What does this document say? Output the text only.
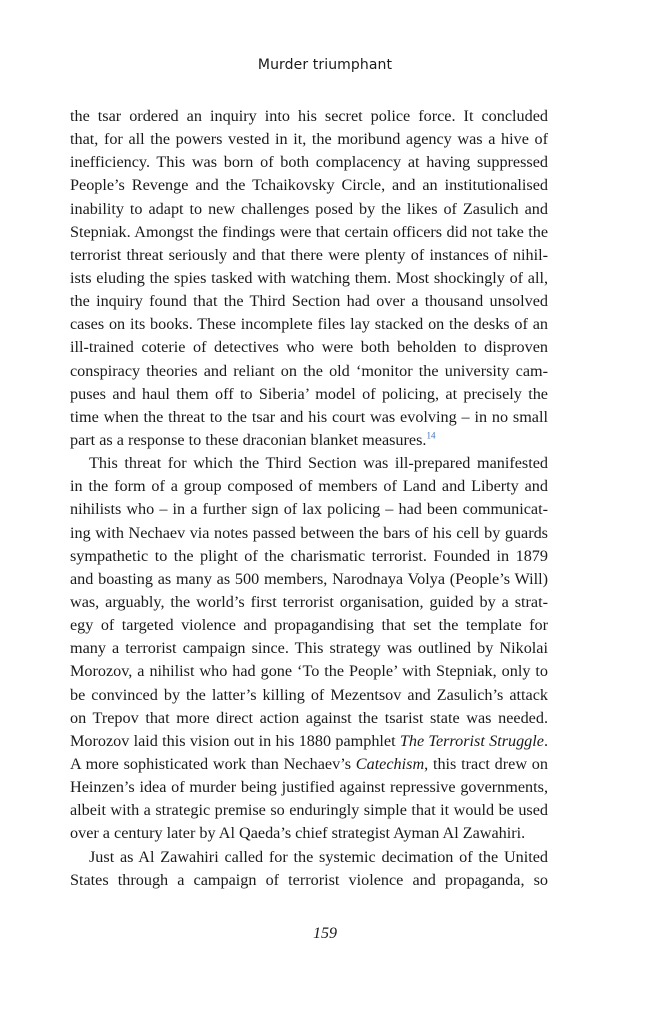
Murder triumphant
the tsar ordered an inquiry into his secret police force. It concluded
that, for all the powers vested in it, the moribund agency was a hive of
inefficiency. This was born of both complacency at having suppressed
People’s Revenge and the Tchaikovsky Circle, and an institutionalised
inability to adapt to new challenges posed by the likes of Zasulich and
Stepniak. Amongst the findings were that certain officers did not take the
terrorist threat seriously and that there were plenty of instances of nihil-
ists eluding the spies tasked with watching them. Most shockingly of all,
the inquiry found that the Third Section had over a thousand unsolved
cases on its books. These incomplete files lay stacked on the desks of an
ill-trained coterie of detectives who were both beholden to disproven
conspiracy theories and reliant on the old ‘monitor the university cam-
puses and haul them off to Siberia’ model of policing, at precisely the
time when the threat to the tsar and his court was evolving – in no small
part as a response to these draconian blanket measures.$^{14}$
This threat for which the Third Section was ill-prepared manifested
in the form of a group composed of members of Land and Liberty and
nihilists who – in a further sign of lax policing – had been communicat-
ing with Nechaev via notes passed between the bars of his cell by guards
sympathetic to the plight of the charismatic terrorist. Founded in 1879
and boasting as many as 500 members, Narodnaya Volya (People’s Will)
was, arguably, the world’s first terrorist organisation, guided by a strat-
egy of targeted violence and propagandising that set the template for
many a terrorist campaign since. This strategy was outlined by Nikolai
Morozov, a nihilist who had gone ‘To the People’ with Stepniak, only to
be convinced by the latter’s killing of Mezentsov and Zasulich’s attack
on Trepov that more direct action against the tsarist state was needed.
Morozov laid this vision out in his 1880 pamphlet The Terrorist Struggle.
A more sophisticated work than Nechaev’s Catechism, this tract drew on
Heinzen’s idea of murder being justified against repressive governments,
albeit with a strategic premise so enduringly simple that it would be used
over a century later by Al Qaeda’s chief strategist Ayman Al Zawahiri.
Just as Al Zawahiri called for the systemic decimation of the United
States through a campaign of terrorist violence and propaganda, so
159
